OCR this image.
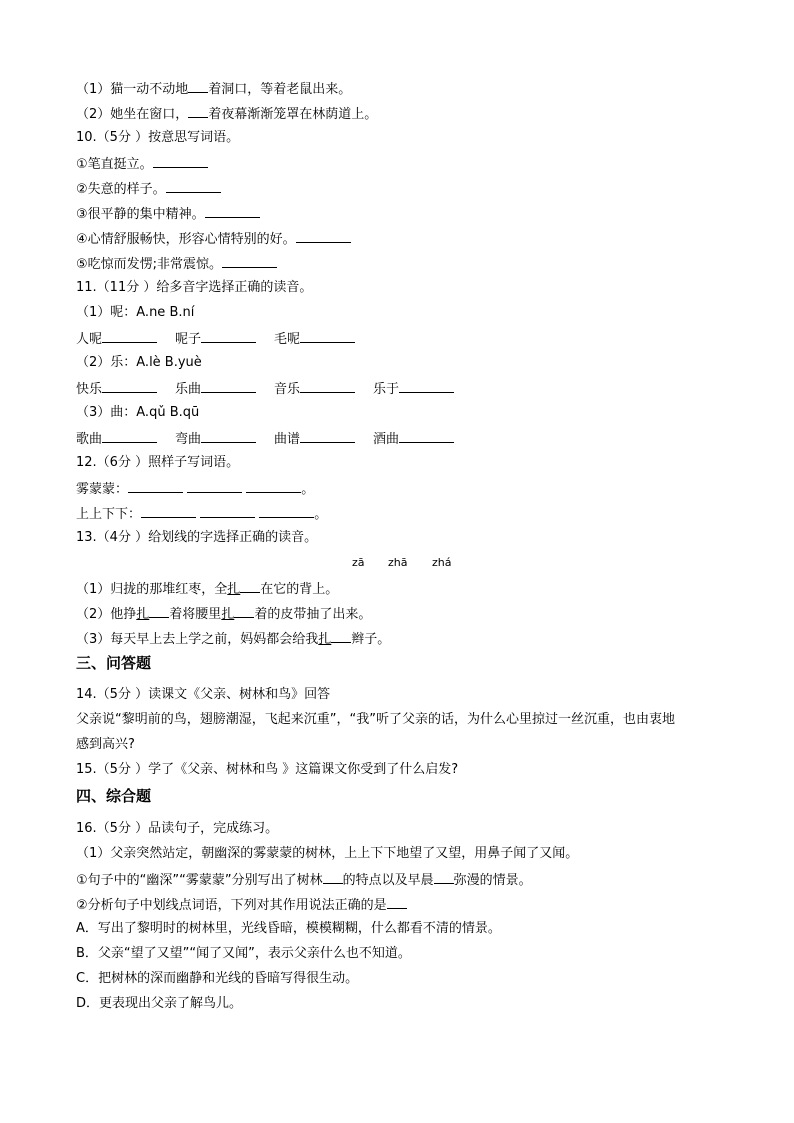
（1）猫一动不动地 着洞口，等着老鼠出来。
（2）她坐在窗口， 着夜幕渐渐笼罩在林荫道上。
10.（5分 ）按意思写词语。
①笔直挺立。
②失意的样子。
③很平静的集中精神。
④心情舒服畅快，形容心情特别的好。
⑤吃惊而发愣;非常震惊。
11.（11分 ）给多音字选择正确的读音。
（1）呢：A.ne B.ní
人呢	呢子	毛呢
（2）乐：A.lè B.yuè
快乐	乐曲	音乐	乐于
（3）曲：A.qǔ B.qū
歌曲	弯曲	曲谱	酒曲
12.（6分 ）照样子写词语。
雾蒙蒙：	。
上上下下：	。
13.（4分 ）给划线的字选择正确的读音。
zā zhā zhá
（1）归拢的那堆红枣，全扎 在它的背上。
（2）他挣扎 着将腰里扎 着的皮带抽了出来。
（3）每天早上去上学之前，妈妈都会给我扎 辫子。
三、问答题
14.（5分 ）读课文《父亲、树林和鸟》回答
父亲说“黎明前的鸟，翅膀潮湿，飞起来沉重”，“我”听了父亲的话，为什么心里掠过一丝沉重，也由衷地
感到高兴?
15.（5分 ）学了《父亲、树林和鸟 》这篇课文你受到了什么启发?
四、综合题
16.（5分 ）品读句子，完成练习。
（1）父亲突然站定，朝幽深的雾蒙蒙的树林，上上下下地望了又望，用鼻子闻了又闻。
①句子中的“幽深”“雾蒙蒙”分别写出了树林 的特点以及早晨 弥漫的情景。
②分析句子中划线点词语，下列对其作用说法正确的是
A．写出了黎明时的树林里，光线昏暗，模模糊糊，什么都看不清的情景。
B．父亲“望了又望”“闻了又闻”，表示父亲什么也不知道。
C．把树林的深而幽静和光线的昏暗写得很生动。
D．更表现出父亲了解鸟儿。
